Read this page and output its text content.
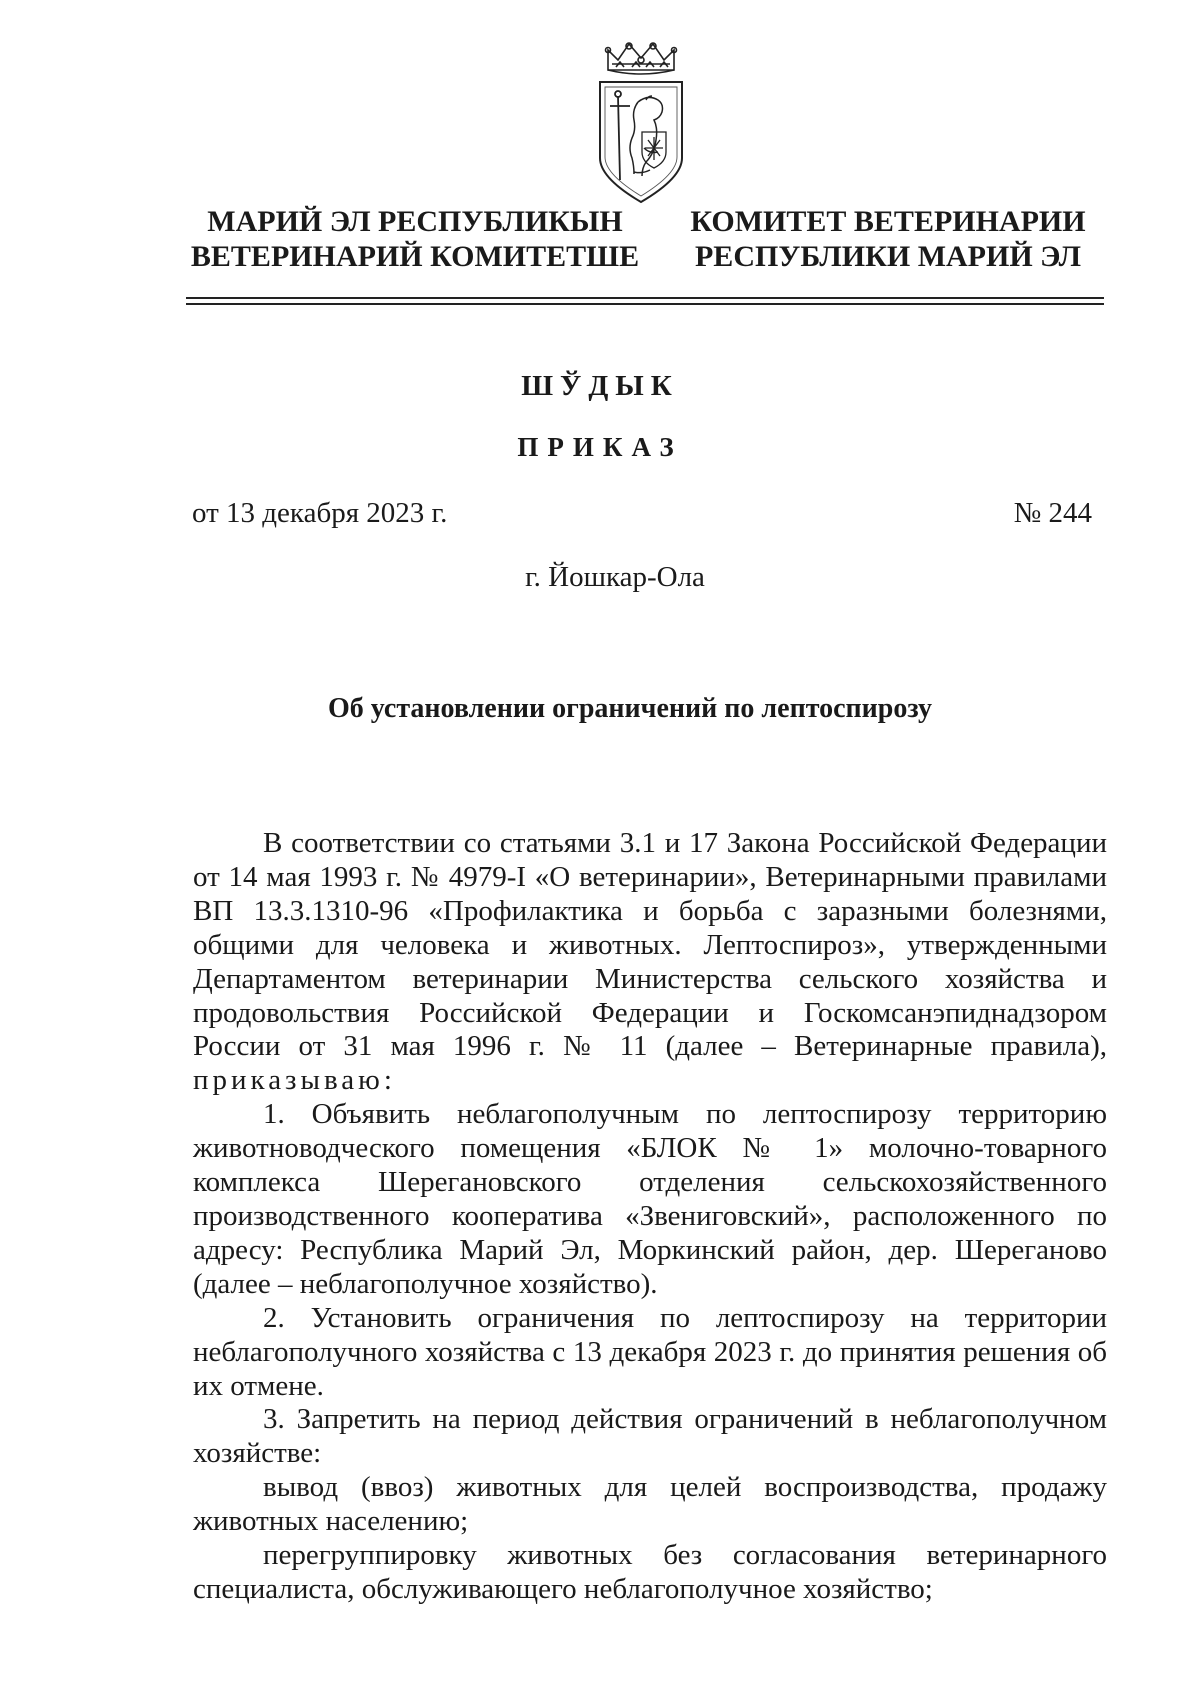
МАРИЙ ЭЛ РЕСПУБЛИКЫН
ВЕТЕРИНАРИЙ КОМИТЕТШЕ
КОМИТЕТ ВЕТЕРИНАРИИ
РЕСПУБЛИКИ МАРИЙ ЭЛ
ШЎДЫК
ПРИКАЗ
от 13 декабря 2023 г.	№ 244
г. Йошкар-Ола
Об установлении ограничений по лептоспирозу

В соответствии со статьями 3.1 и 17 Закона Российской Федерации от 14 мая 1993 г. № 4979-I «О ветеринарии», Ветеринарными правилами ВП 13.3.1310-96 «Профилактика и борьба с заразными болезнями, общими для человека и животных. Лептоспироз», утвержденными Департаментом ветеринарии Министерства сельского хозяйства и продовольствия Российской Федерации и Госкомсанэпиднадзором России от 31 мая 1996 г. № 11 (далее – Ветеринарные правила), приказываю:

1. Объявить неблагополучным по лептоспирозу территорию животноводческого помещения «БЛОК № 1» молочно-товарного комплекса Шереганoвского отделения сельскохозяйственного производственного кооператива «Звениговский», расположенного по адресу: Республика Марий Эл, Моркинский район, дер. Шереганово (далее – неблагополучное хозяйство).

2. Установить ограничения по лептоспирозу на территории неблагополучного хозяйства с 13 декабря 2023 г. до принятия решения об их отмене.

3. Запретить на период действия ограничений в неблагополучном хозяйстве:

вывод (ввоз) животных для целей воспроизводства, продажу животных населению;

перегруппировку животных без согласования ветеринарного специалиста, обслуживающего неблагополучное хозяйство;
